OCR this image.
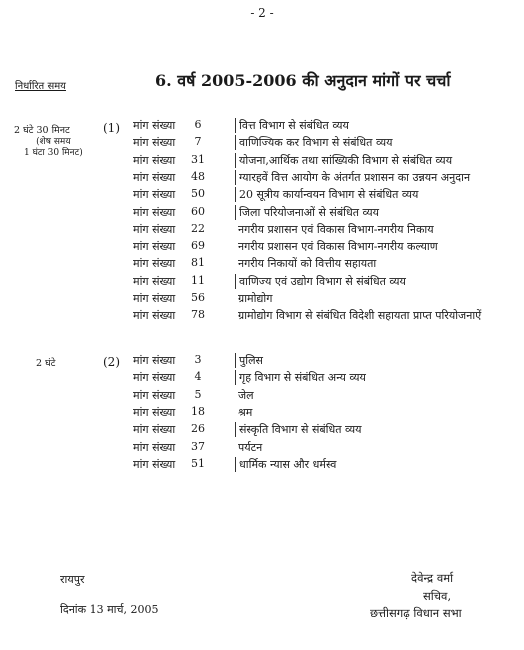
- 2 -
निर्धारित समय	6. वर्ष 2005-2006 की अनुदान मांगों पर चर्चा
2 घंटे 30 मिनट
(शेष समय
1 घंटा 30 मिनट)
(1) मांग संख्या	6	वित्त विभाग से संबंधित व्यय
मांग संख्या	7	वाणिज्यिक कर विभाग से संबंधित व्यय
मांग संख्या	31	योजना,आर्थिक तथा सांख्यिकी विभाग से संबंधित व्यय
मांग संख्या	48	ग्यारहवें वित्त आयोग के अंतर्गत प्रशासन का उन्नयन अनुदान
मांग संख्या	50	20 सूत्रीय कार्यान्वयन विभाग से संबंधित व्यय
मांग संख्या	60	जिला परियोजनाओं से संबंधित व्यय
मांग संख्या	22	नगरीय प्रशासन एवं विकास विभाग-नगरीय निकाय
मांग संख्या	69	नगरीय प्रशासन एवं विकास विभाग-नगरीय कल्याण
मांग संख्या	81	नगरीय निकायों को वित्तीय सहायता
मांग संख्या	11	वाणिज्य एवं उद्योग विभाग से संबंधित व्यय
मांग संख्या	56	ग्रामोद्योग
मांग संख्या	78	ग्रामोद्योग विभाग से संबंधित विदेशी सहायता प्राप्त परियोजनाऐं
2 घंटे	(2) मांग संख्या	3	पुलिस
मांग संख्या	4	गृह विभाग से संबंधित अन्य व्यय
मांग संख्या	5	जेल
मांग संख्या	18	श्रम
मांग संख्या	26	संस्कृति विभाग से संबंधित व्यय
मांग संख्या	37	पर्यटन
मांग संख्या	51	धार्मिक न्यास और धर्मस्व
रायपुर
दिनांक 13 मार्च, 2005
देवेन्द्र वर्मा
सचिव,
छत्तीसगढ़ विधान सभा
